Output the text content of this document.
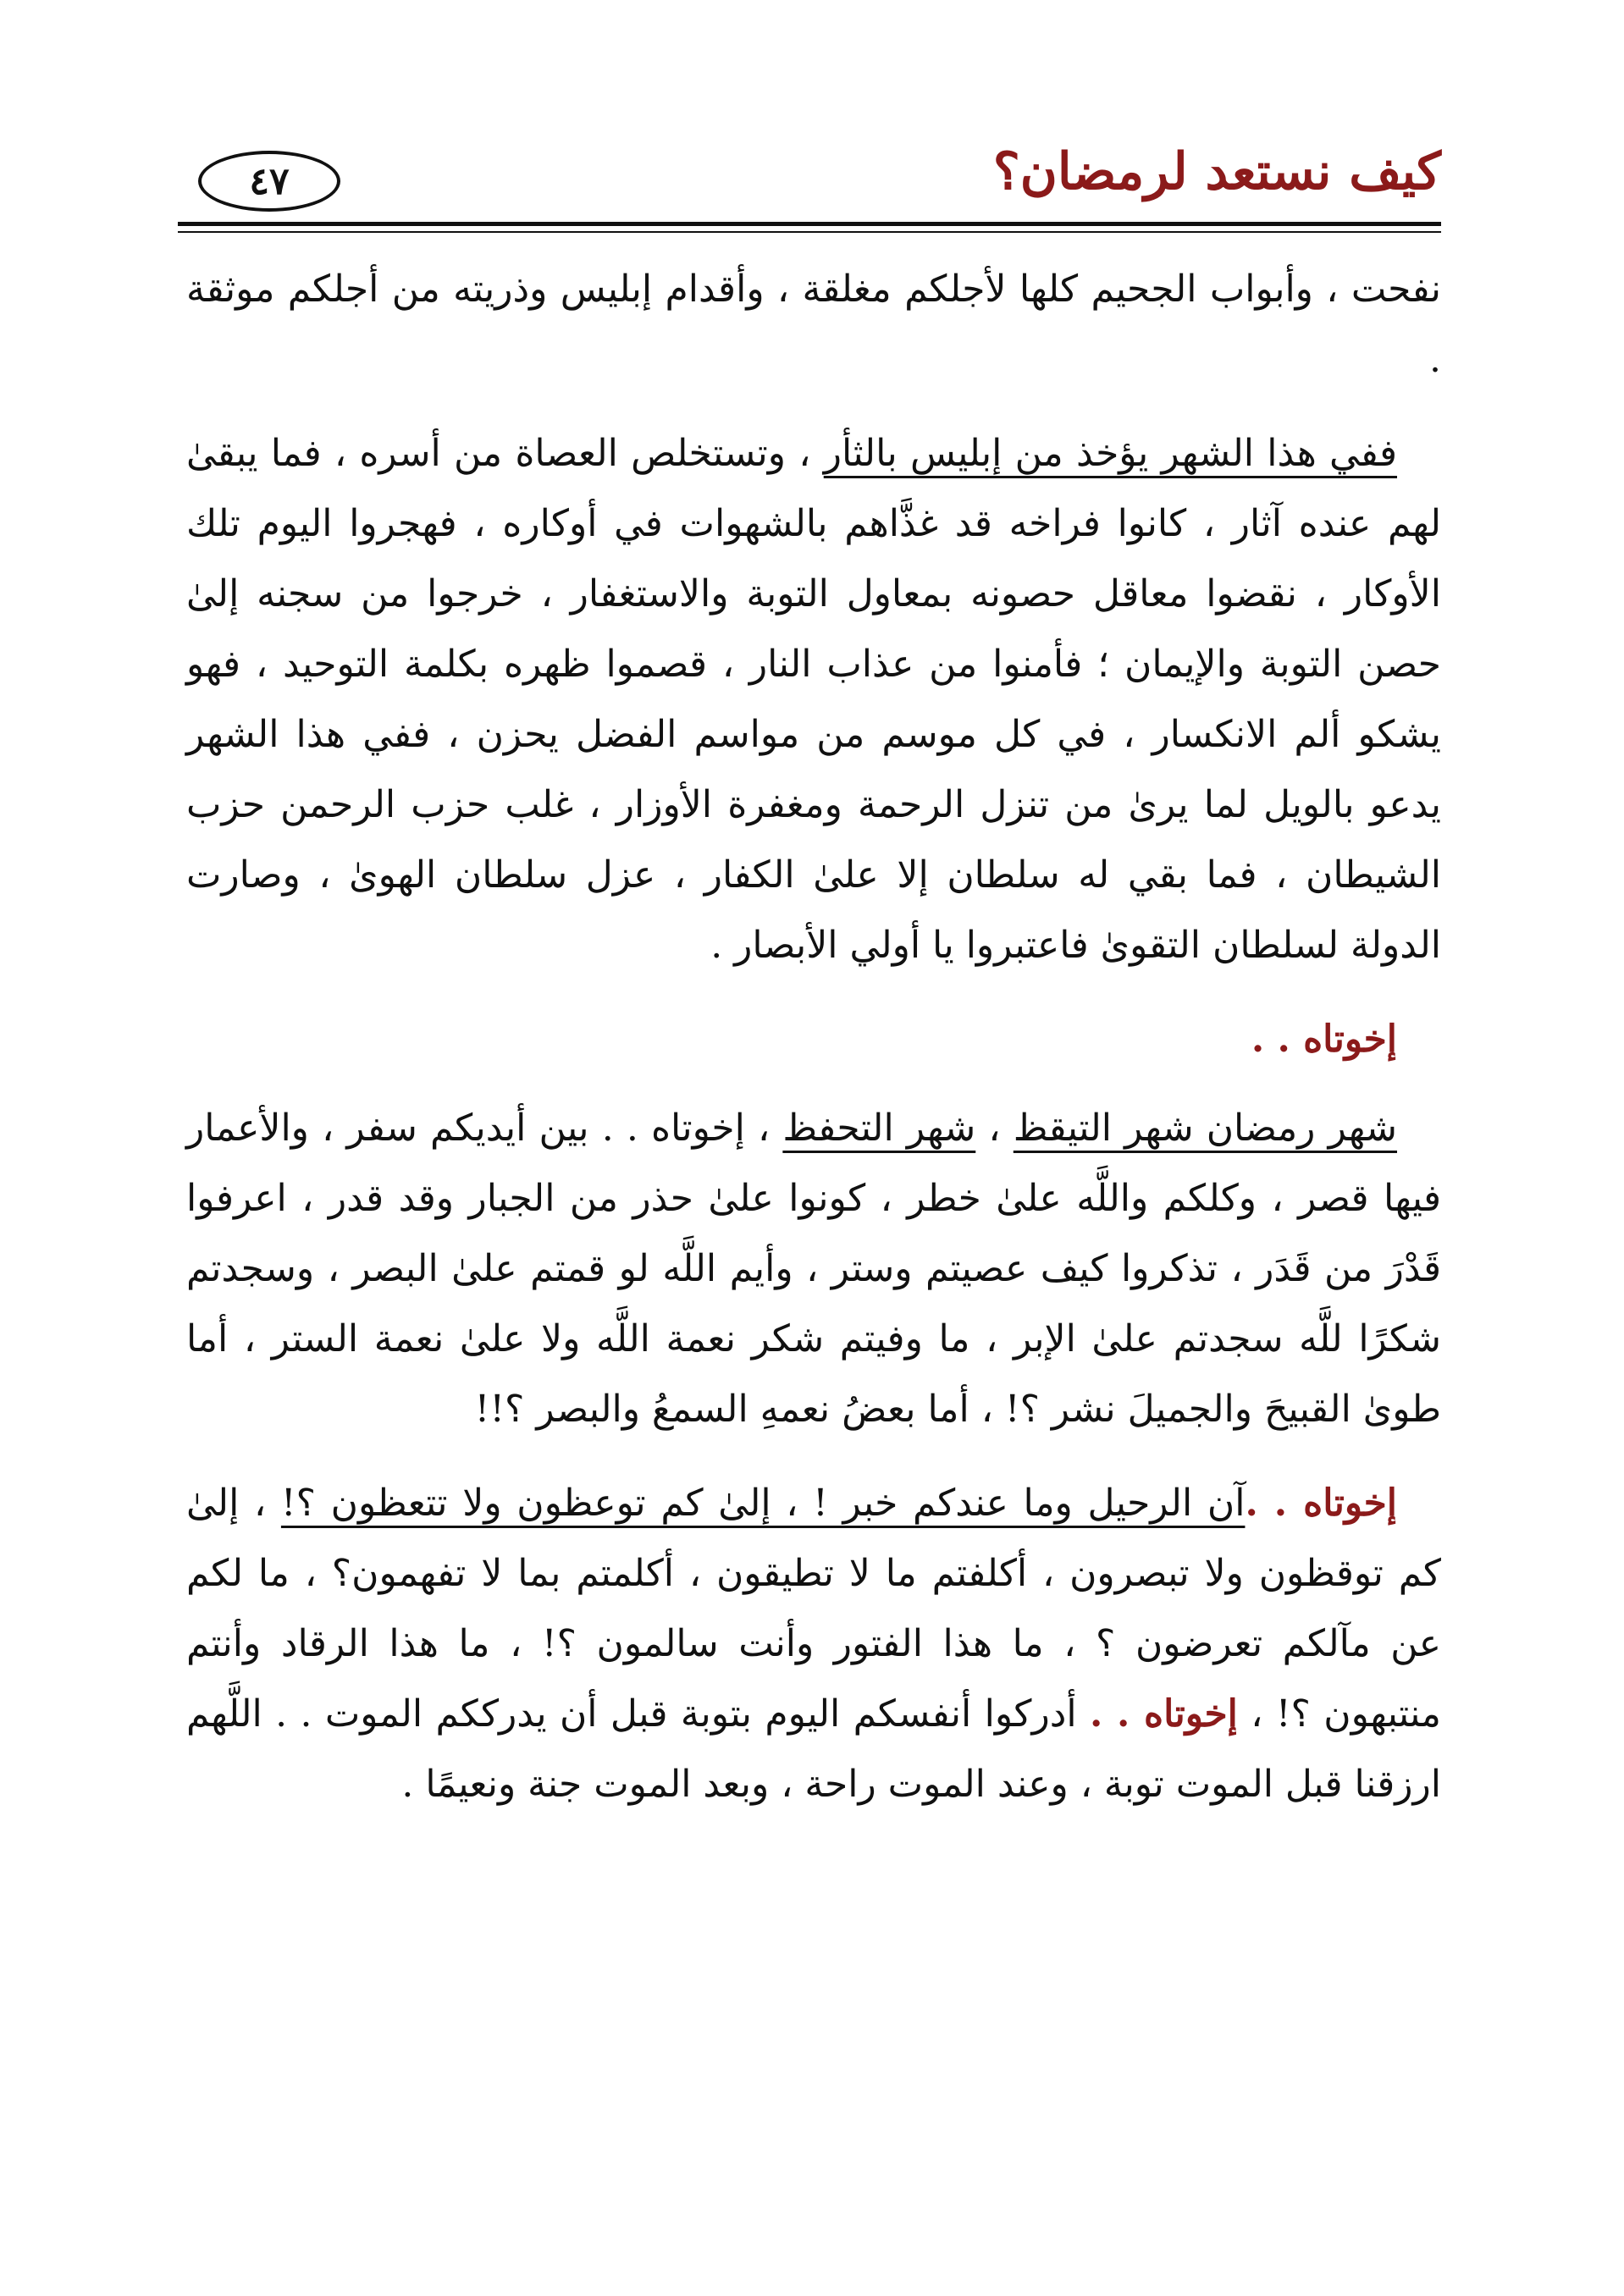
كيف نستعد لرمضان؟
٤٧

نفحت ، وأبواب الجحيم كلها لأجلكم مغلقة ، وأقدام إبليس وذريته من أجلكم موثقة .

ففي هذا الشهر يؤخذ من إبليس بالثأر ، وتستخلص العصاة من أسره ، فما يبقىٰ لهم عنده آثار ، كانوا فراخه قد غذَّاهم بالشهوات في أوكاره ، فهجروا اليوم تلك الأوكار ، نقضوا معاقل حصونه بمعاول التوبة والاستغفار ، خرجوا من سجنه إلىٰ حصن التوبة والإيمان ؛ فأمنوا من عذاب النار ، قصموا ظهره بكلمة التوحيد ، فهو يشكو ألم الانكسار ، في كل موسم من مواسم الفضل يحزن ، ففي هذا الشهر يدعو بالويل لما يرىٰ من تنزل الرحمة ومغفرة الأوزار ، غلب حزب الرحمن حزب الشيطان ، فما بقي له سلطان إلا علىٰ الكفار ، عزل سلطان الهوىٰ ، وصارت الدولة لسلطان التقوىٰ فاعتبروا يا أولي الأبصار .

إخوتاه . .

شهر رمضان شهر التيقظ ، شهر التحفظ ، إخوتاه . . بين أيديكم سفر ، والأعمار فيها قصر ، وكلكم واللَّه علىٰ خطر ، كونوا علىٰ حذر من الجبار وقد قدر ، اعرفوا قَدْرَ من قَدَر ، تذكروا كيف عصيتم وستر ، وأيم اللَّه لو قمتم علىٰ البصر ، وسجدتم شكرًا للَّه سجدتم علىٰ الإبر ، ما وفيتم شكر نعمة اللَّه ولا علىٰ نعمة الستر ، أما طوىٰ القبيحَ والجميلَ نشر ؟! ، أما بعضُ نعمهِ السمعُ والبصر ؟!!

إخوتاه . .آن الرحيل وما عندكم خبر ! ، إلىٰ كم توعظون ولا تتعظون ؟! ، إلىٰ كم توقظون ولا تبصرون ، أكلفتم ما لا تطيقون ، أكلمتم بما لا تفهمون؟ ، ما لكم عن مآلكم تعرضون ؟ ، ما هذا الفتور وأنت سالمون ؟! ، ما هذا الرقاد وأنتم منتبهون ؟! ، إخوتاه . . أدركوا أنفسكم اليوم بتوبة قبل أن يدرككم الموت . . اللَّهم ارزقنا قبل الموت توبة ، وعند الموت راحة ، وبعد الموت جنة ونعيمًا .
